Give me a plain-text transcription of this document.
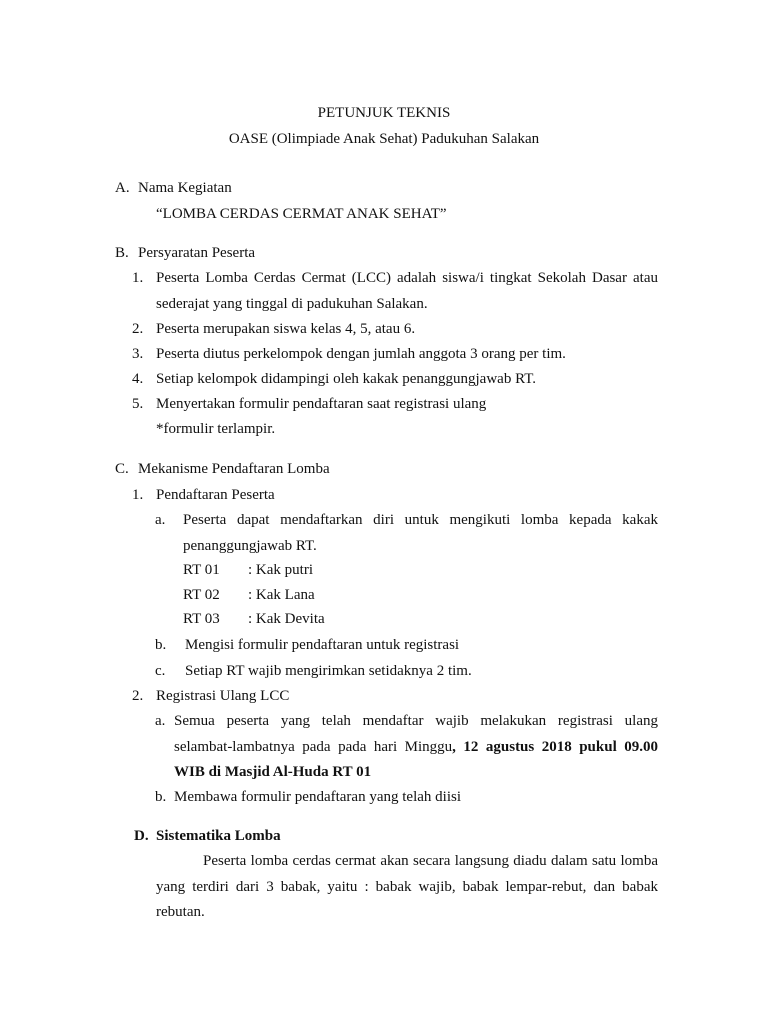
PETUNJUK TEKNIS
OASE (Olimpiade Anak Sehat) Padukuhan Salakan
A. Nama Kegiatan
“LOMBA CERDAS CERMAT ANAK SEHAT”
B. Persyaratan Peserta
1. Peserta Lomba Cerdas Cermat (LCC) adalah siswa/i tingkat Sekolah Dasar atau
sederajat yang tinggal di padukuhan Salakan.
2. Peserta merupakan siswa kelas 4, 5, atau 6.
3. Peserta diutus perkelompok dengan jumlah anggota 3 orang per tim.
4. Setiap kelompok didampingi oleh kakak penanggungjawab RT.
5. Menyertakan formulir pendaftaran saat registrasi ulang
*formulir terlampir.
C. Mekanisme Pendaftaran Lomba
1. Pendaftaran Peserta
a. Peserta dapat mendaftarkan diri untuk mengikuti lomba kepada kakak
penanggungjawab RT.
RT 01 : Kak putri
RT 02 : Kak Lana
RT 03 : Kak Devita
b. Mengisi formulir pendaftaran untuk registrasi
c. Setiap RT wajib mengirimkan setidaknya 2 tim.
2. Registrasi Ulang LCC
a. Semua peserta yang telah mendaftar wajib melakukan registrasi ulang
selambat-lambatnya pada pada hari Minggu, 12 agustus 2018 pukul 09.00
WIB di Masjid Al-Huda RT 01
b. Membawa formulir pendaftaran yang telah diisi
D. Sistematika Lomba
Peserta lomba cerdas cermat akan secara langsung diadu dalam satu lomba
yang terdiri dari 3 babak, yaitu : babak wajib, babak lempar-rebut, dan babak
rebutan.
